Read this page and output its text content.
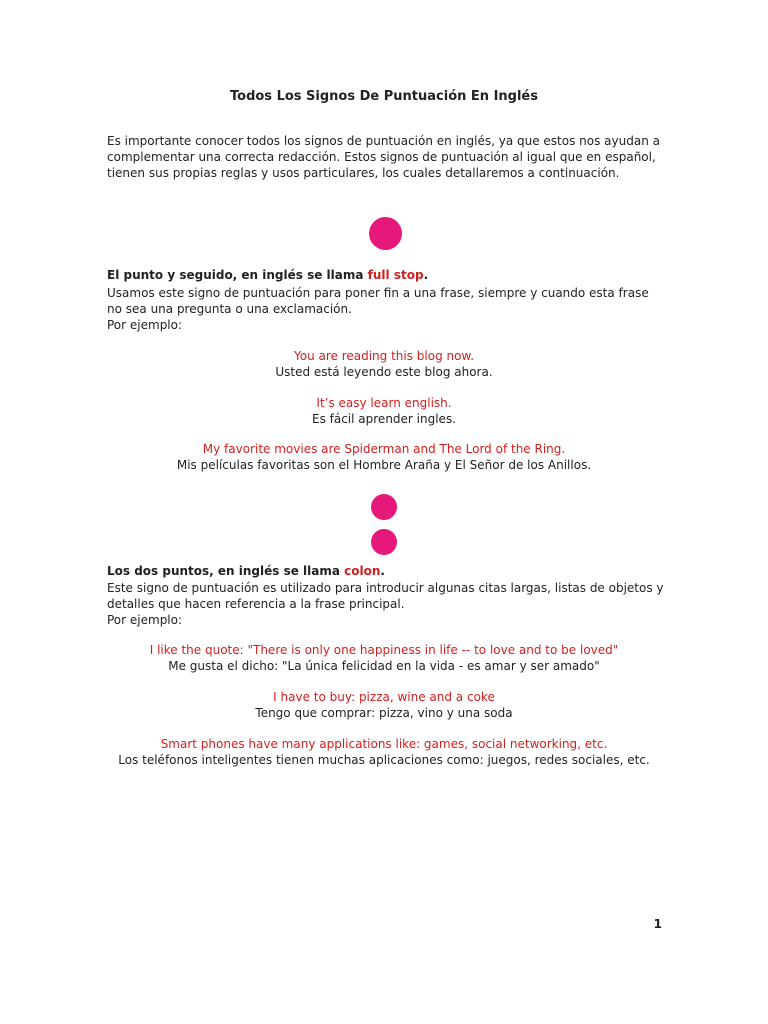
Todos Los Signos De Puntuación En Inglés
Es importante conocer todos los signos de puntuación en inglés, ya que estos nos ayudan a complementar una correcta redacción. Estos signos de puntuación al igual que en español, tienen sus propias reglas y usos particulares, los cuales detallaremos a continuación.
El punto y seguido, en inglés se llama full stop.
Usamos este signo de puntuación para poner fin a una frase, siempre y cuando esta frase no sea una pregunta o una exclamación.
Por ejemplo:
You are reading this blog now.
Usted está leyendo este blog ahora.
It’s easy learn english.
Es fácil aprender ingles.
My favorite movies are Spiderman and The Lord of the Ring.
Mis películas favoritas son el Hombre Araña y El Señor de los Anillos.
Los dos puntos, en inglés se llama colon.
Este signo de puntuación es utilizado para introducir algunas citas largas, listas de objetos y detalles que hacen referencia a la frase principal.
Por ejemplo:
I like the quote: "There is only one happiness in life -- to love and to be loved"
Me gusta el dicho: "La única felicidad en la vida - es amar y ser amado"
I have to buy: pizza, wine and a coke
Tengo que comprar: pizza, vino y una soda
Smart phones have many applications like: games, social networking, etc.
Los teléfonos inteligentes tienen muchas aplicaciones como: juegos, redes sociales, etc.
1
